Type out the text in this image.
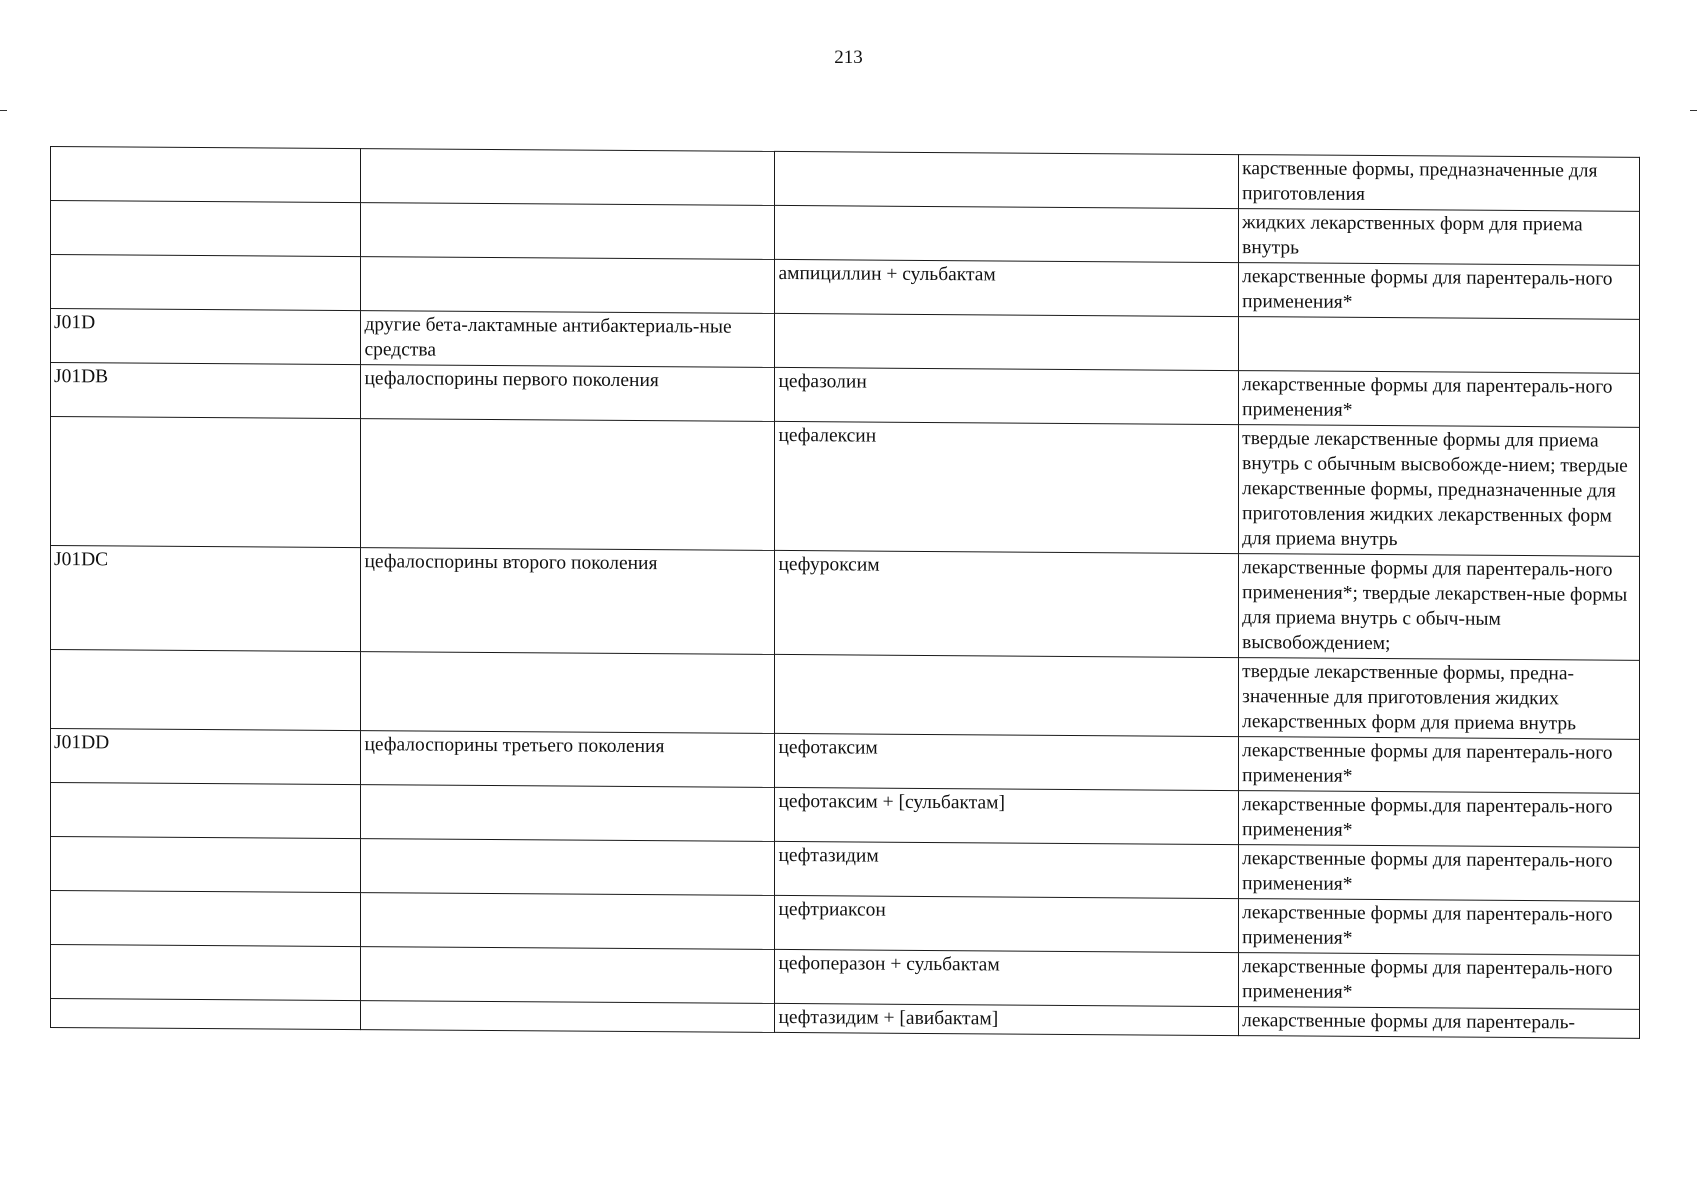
213
			карственные формы, предназначенные для приготовления
			жидких лекарственных форм для приема внутрь
		ампициллин + сульбактам	лекарственные формы для парентераль-ного применения*
J01D	другие бета-лактамные антибактериаль-ные средства		
J01DB	цефалоспорины первого поколения	цефазолин	лекарственные формы для парентераль-ного применения*
		цефалексин	твердые лекарственные формы для приема внутрь с обычным высвобожде-нием; твердые лекарственные формы, предназначенные для приготовления жидких лекарственных форм для приема внутрь
J01DC	цефалоспорины второго поколения	цефуроксим	лекарственные формы для парентераль-ного применения*; твердые лекарствен-ные формы для приема внутрь с обыч-ным высвобождением;
			твердые лекарственные формы, предна-значенные для приготовления жидких лекарственных форм для приема внутрь
J01DD	цефалоспорины третьего поколения	цефотаксим	лекарственные формы для парентераль-ного применения*
		цефотаксим + [сульбактам]	лекарственные формы.для парентераль-ного применения*
		цефтазидим	лекарственные формы для парентераль-ного применения*
		цефтриаксон	лекарственные формы для парентераль-ного применения*
		цефоперазон + сульбактам	лекарственные формы для парентераль-ного применения*
		цефтазидим + [авибактам]	лекарственные формы для парентераль-
